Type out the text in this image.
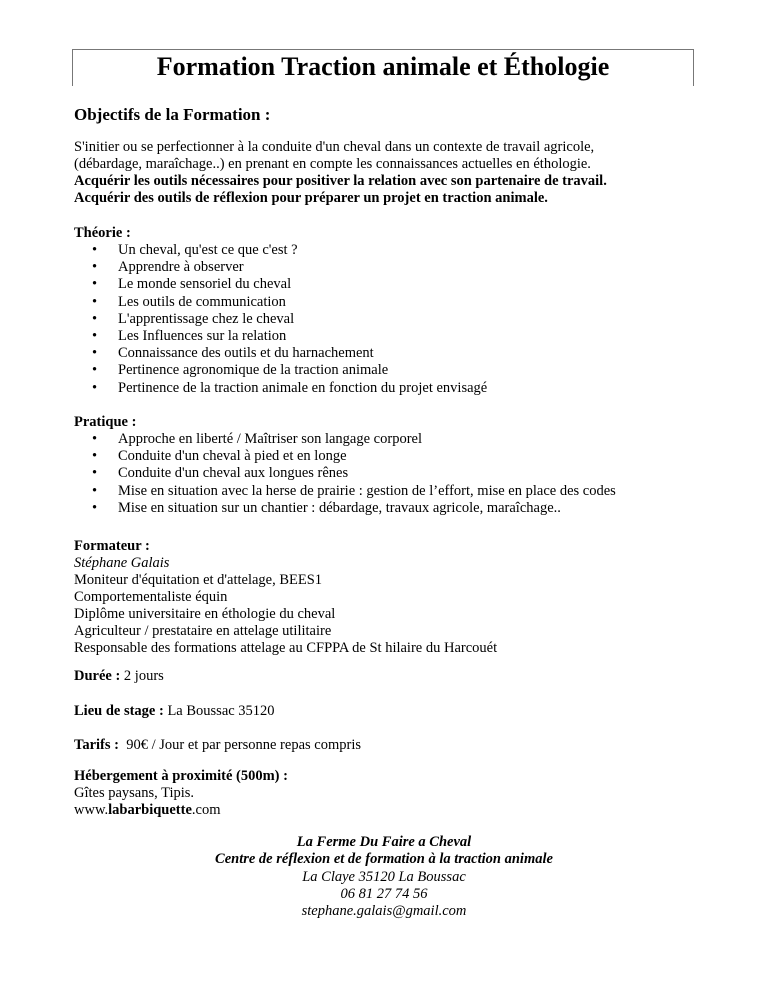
Formation Traction animale et Éthologie
Objectifs de la Formation :
S'initier ou se perfectionner à la conduite d'un cheval dans un contexte de travail agricole,
(débardage, maraîchage..) en prenant en compte les connaissances actuelles en éthologie.
Acquérir les outils nécessaires pour positiver la relation avec son partenaire de travail.
Acquérir des outils de réflexion pour préparer un projet en traction animale.
Théorie :
• Un cheval, qu'est ce que c'est ?
• Apprendre à observer
• Le monde sensoriel du cheval
• Les outils de communication
• L'apprentissage chez le cheval
• Les Influences sur la relation
• Connaissance des outils et du harnachement
• Pertinence agronomique de la traction animale
• Pertinence de la traction animale en fonction du projet envisagé
Pratique :
• Approche en liberté / Maîtriser son langage corporel
• Conduite d'un cheval à pied et en longe
• Conduite d'un cheval aux longues rênes
• Mise en situation avec la herse de prairie : gestion de l’effort, mise en place des codes
• Mise en situation sur un chantier : débardage, travaux agricole, maraîchage..
Formateur :
Stéphane Galais
Moniteur d'équitation et d'attelage, BEES1
Comportementaliste équin
Diplôme universitaire en éthologie du cheval
Agriculteur / prestataire en attelage utilitaire
Responsable des formations attelage au CFPPA de St hilaire du Harcouét
Durée : 2 jours
Lieu de stage : La Boussac 35120
Tarifs :  90€ / Jour et par personne repas compris
Hébergement à proximité (500m) :
Gîtes paysans, Tipis.
www.labarbiquette.com
La Ferme Du Faire a Cheval
Centre de réflexion et de formation à la traction animale
La Claye 35120 La Boussac
06 81 27 74 56
stephane.galais@gmail.com
